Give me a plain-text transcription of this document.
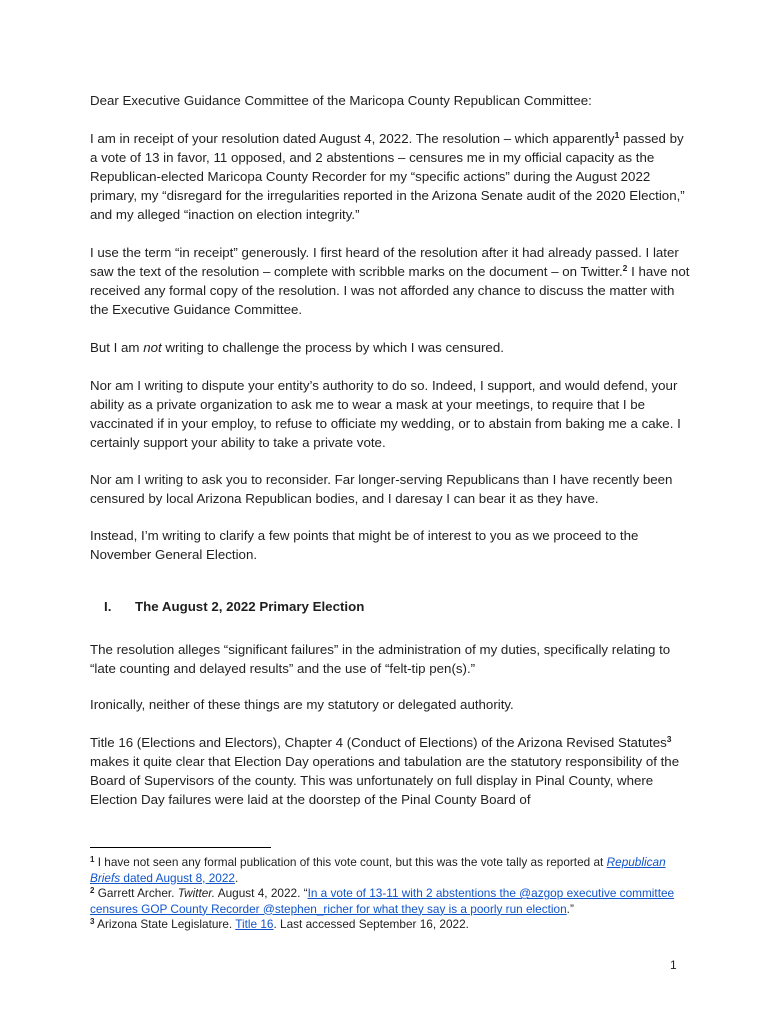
Dear Executive Guidance Committee of the Maricopa County Republican Committee:

I am in receipt of your resolution dated August 4, 2022. The resolution – which apparently$^1$ passed by a vote of 13 in favor, 11 opposed, and 2 abstentions – censures me in my official capacity as the Republican-elected Maricopa County Recorder for my “specific actions” during the August 2022 primary, my “disregard for the irregularities reported in the Arizona Senate audit of the 2020 Election,” and my alleged “inaction on election integrity.”

I use the term “in receipt” generously. I first heard of the resolution after it had already passed. I later saw the text of the resolution – complete with scribble marks on the document – on Twitter.$^2$ I have not received any formal copy of the resolution. I was not afforded any chance to discuss the matter with the Executive Guidance Committee.

But I am not writing to challenge the process by which I was censured.

Nor am I writing to dispute your entity’s authority to do so. Indeed, I support, and would defend, your ability as a private organization to ask me to wear a mask at your meetings, to require that I be vaccinated if in your employ, to refuse to officiate my wedding, or to abstain from baking me a cake. I certainly support your ability to take a private vote.

Nor am I writing to ask you to reconsider. Far longer-serving Republicans than I have recently been censured by local Arizona Republican bodies, and I daresay I can bear it as they have.

Instead, I’m writing to clarify a few points that might be of interest to you as we proceed to the November General Election.

I. The August 2, 2022 Primary Election

The resolution alleges “significant failures” in the administration of my duties, specifically relating to “late counting and delayed results” and the use of “felt-tip pen(s).”

Ironically, neither of these things are my statutory or delegated authority.

Title 16 (Elections and Electors), Chapter 4 (Conduct of Elections) of the Arizona Revised Statutes$^3$ makes it quite clear that Election Day operations and tabulation are the statutory responsibility of the Board of Supervisors of the county. This was unfortunately on full display in Pinal County, where Election Day failures were laid at the doorstep of the Pinal County Board of

$^1$ I have not seen any formal publication of this vote count, but this was the vote tally as reported at Republican Briefs dated August 8, 2022.

$^2$ Garrett Archer. Twitter. August 4, 2022. “In a vote of 13-11 with 2 abstentions the @azgop executive committee censures GOP County Recorder @stephen_richer for what they say is a poorly run election.”

$^3$ Arizona State Legislature. Title 16. Last accessed September 16, 2022.

1
